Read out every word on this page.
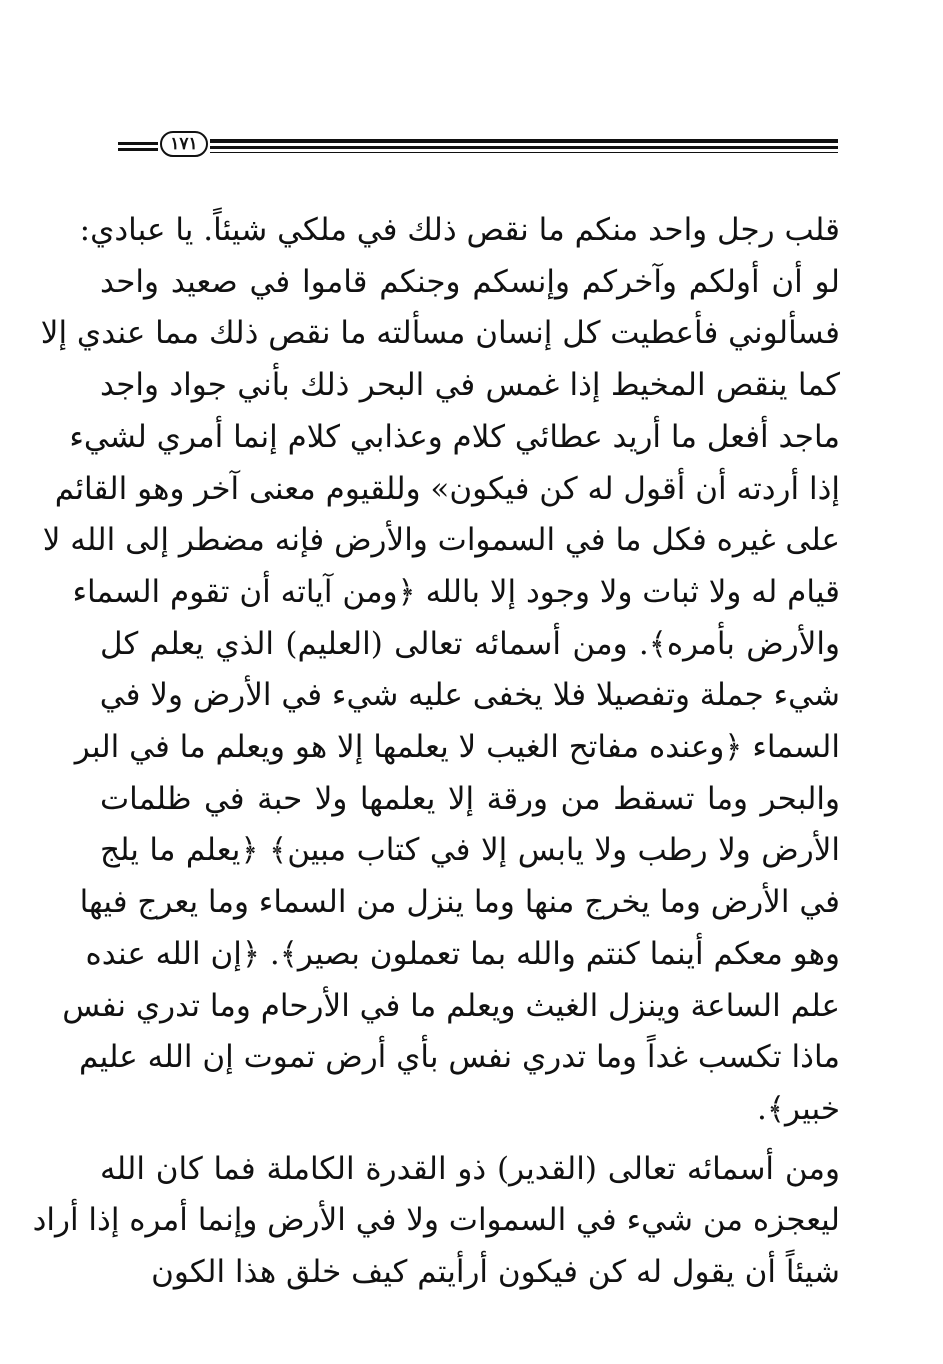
١٧١
قلب رجل واحد منكم ما نقص ذلك في ملكي شيئاً. يا عبادي:
لو أن أولكم وآخركم وإنسكم وجنكم قاموا في صعيد واحد
فسألوني فأعطيت كل إنسان مسألته ما نقص ذلك مما عندي إلا
كما ينقص المخيط إذا غمس في البحر ذلك بأني جواد واجد
ماجد أفعل ما أريد عطائي كلام وعذابي كلام إنما أمري لشيء
إذا أردته أن أقول له كن فيكون» وللقيوم معنى آخر وهو القائم
على غيره فكل ما في السموات والأرض فإنه مضطر إلى الله لا
قيام له ولا ثبات ولا وجود إلا بالله ﴿ومن آياته أن تقوم السماء
والأرض بأمره﴾. ومن أسمائه تعالى (العليم) الذي يعلم كل
شيء جملة وتفصيلا فلا يخفى عليه شيء في الأرض ولا في
السماء ﴿وعنده مفاتح الغيب لا يعلمها إلا هو ويعلم ما في البر
والبحر وما تسقط من ورقة إلا يعلمها ولا حبة في ظلمات
الأرض ولا رطب ولا يابس إلا في كتاب مبين﴾ ﴿يعلم ما يلج
في الأرض وما يخرج منها وما ينزل من السماء وما يعرج فيها
وهو معكم أينما كنتم والله بما تعملون بصير﴾. ﴿إن الله عنده
علم الساعة وينزل الغيث ويعلم ما في الأرحام وما تدري نفس
ماذا تكسب غداً وما تدري نفس بأي أرض تموت إن الله عليم
خبير﴾.
ومن أسمائه تعالى (القدير) ذو القدرة الكاملة فما كان الله
ليعجزه من شيء في السموات ولا في الأرض وإنما أمره إذا أراد
شيئاً أن يقول له كن فيكون أرأيتم كيف خلق هذا الكون
